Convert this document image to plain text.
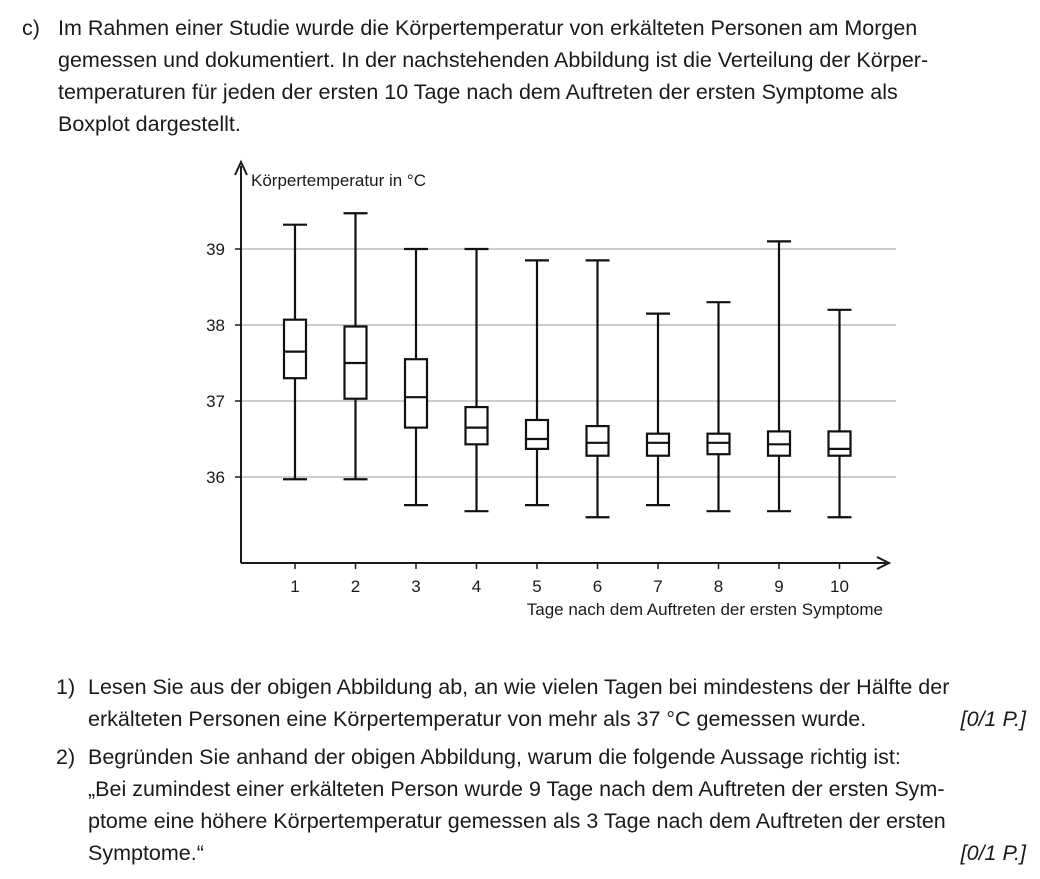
c) Im Rahmen einer Studie wurde die Körpertemperatur von erkälteten Personen am Morgen
gemessen und dokumentiert. In der nachstehenden Abbildung ist die Verteilung der Körper-
temperaturen für jeden der ersten 10 Tage nach dem Auftreten der ersten Symptome als
Boxplot dargestellt.
Körpertemperatur in °C
Tage nach dem Auftreten der ersten Symptome
36
37
38
39
1	2	3	4	5	6	7	8	9	10
1) Lesen Sie aus der obigen Abbildung ab, an wie vielen Tagen bei mindestens der Hälfte der
erkälteten Personen eine Körpertemperatur von mehr als 37 °C gemessen wurde.	[0/1 P.]
2) Begründen Sie anhand der obigen Abbildung, warum die folgende Aussage richtig ist:
„Bei zumindest einer erkälteten Person wurde 9 Tage nach dem Auftreten der ersten Sym-
ptome eine höhere Körpertemperatur gemessen als 3 Tage nach dem Auftreten der ersten
Symptome.“	[0/1 P.]
